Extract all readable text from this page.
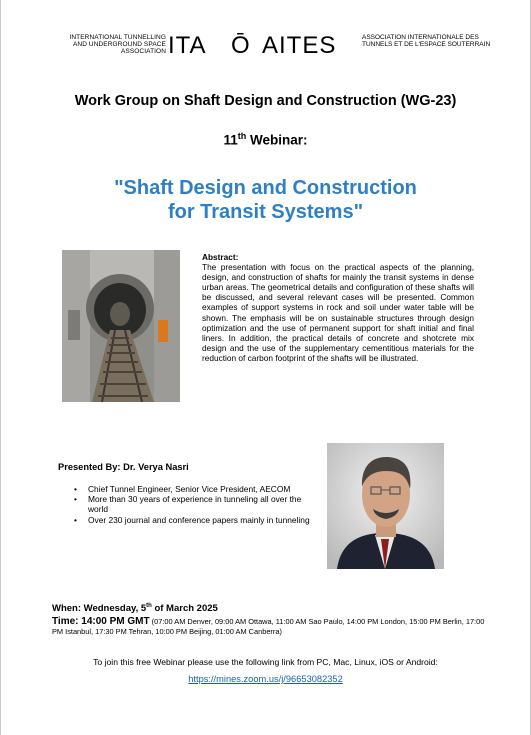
INTERNATIONAL TUNNELLING AND UNDERGROUND SPACE ASSOCIATION ITA Ō AITES	ASSOCIATION INTERNATIONALE DES TUNNELS ET DE L'ESPACE SOUTERRAIN
Work Group on Shaft Design and Construction (WG-23)
11th Webinar:
"Shaft Design and Construction
for Transit Systems"
Abstract:
The presentation with focus on the practical aspects of the planning, design, and construction of shafts for mainly the transit systems in dense urban areas. The geometrical details and configuration of these shafts will be discussed, and several relevant cases will be presented. Common examples of support systems in rock and soil under water table will be shown. The emphasis will be on sustainable structures through design optimization and the use of permanent support for shaft initial and final liners. In addition, the practical details of concrete and shotcrete mix design and the use of the supplementary cementitious materials for the reduction of carbon footprint of the shafts will be illustrated.
Presented By: Dr. Verya Nasri
• Chief Tunnel Engineer, Senior Vice President, AECOM
• More than 30 years of experience in tunneling all over the world
• Over 230 journal and conference papers mainly in tunneling
When: Wednesday, 5th of March 2025
Time: 14:00 PM GMT (07:00 AM Denver, 09:00 AM Ottawa, 11:00 AM Sao Paulo, 14:00 PM London, 15:00 PM Berlin, 17:00 PM Istanbul, 17:30 PM Tehran, 10:00 PM Beijing, 01:00 AM Canberra)
To join this free Webinar please use the following link from PC, Mac, Linux, iOS or Android:
https://mines.zoom.us/j/96653082352
